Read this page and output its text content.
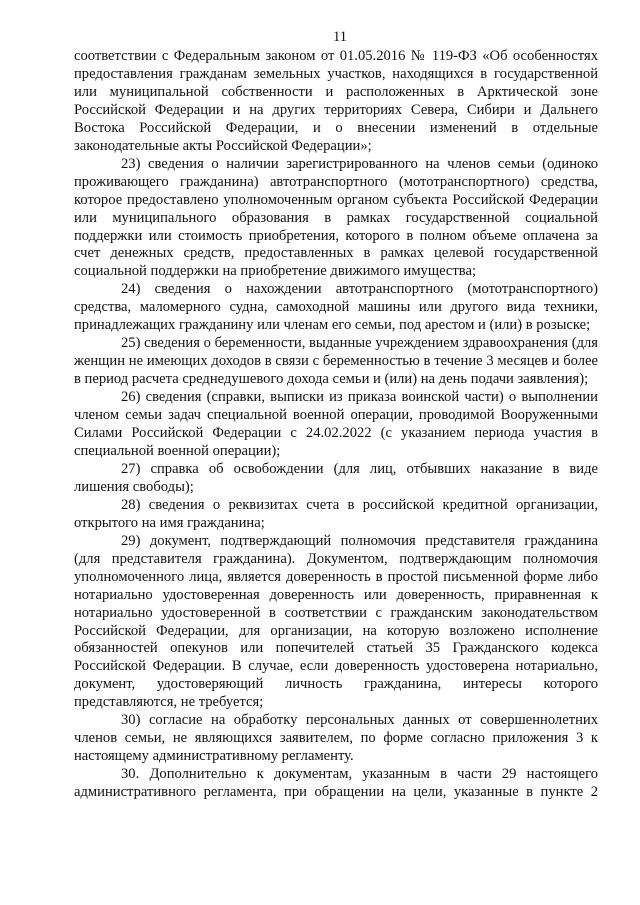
11

соответствии с Федеральным законом от 01.05.2016 № 119-ФЗ «Об особенностях предоставления гражданам земельных участков, находящихся в государственной или муниципальной собственности и расположенных в Арктической зоне Российской Федерации и на других территориях Севера, Сибири и Дальнего Востока Российской Федерации, и о внесении изменений в отдельные законодательные акты Российской Федерации»;

23) сведения о наличии зарегистрированного на членов семьи (одиноко проживающего гражданина) автотранспортного (мототранспортного) средства, которое предоставлено уполномоченным органом субъекта Российской Федерации или муниципального образования в рамках государственной социальной поддержки или стоимость приобретения, которого в полном объеме оплачена за счет денежных средств, предоставленных в рамках целевой государственной социальной поддержки на приобретение движимого имущества;

24) сведения о нахождении автотранспортного (мототранспортного) средства, маломерного судна, самоходной машины или другого вида техники, принадлежащих гражданину или членам его семьи, под арестом и (или) в розыске;

25) сведения о беременности, выданные учреждением здравоохранения (для женщин не имеющих доходов в связи с беременностью в течение 3 месяцев и более в период расчета среднедушевого дохода семьи и (или) на день подачи заявления);

26) сведения (справки, выписки из приказа воинской части) о выполнении членом семьи задач специальной военной операции, проводимой Вооруженными Силами Российской Федерации с 24.02.2022 (с указанием периода участия в специальной военной операции);

27) справка об освобождении (для лиц, отбывших наказание в виде лишения свободы);

28) сведения о реквизитах счета в российской кредитной организации, открытого на имя гражданина;

29) документ, подтверждающий полномочия представителя гражданина (для представителя гражданина). Документом, подтверждающим полномочия уполномоченного лица, является доверенность в простой письменной форме либо нотариально удостоверенная доверенность или доверенность, приравненная к нотариально удостоверенной в соответствии с гражданским законодательством Российской Федерации, для организации, на которую возложено исполнение обязанностей опекунов или попечителей статьей 35 Гражданского кодекса Российской Федерации. В случае, если доверенность удостоверена нотариально, документ, удостоверяющий личность гражданина, интересы которого представляются, не требуется;

30) согласие на обработку персональных данных от совершеннолетних членов семьи, не являющихся заявителем, по форме согласно приложения 3 к настоящему административному регламенту.

30. Дополнительно к документам, указанным в части 29 настоящего административного регламента, при обращении на цели, указанные в пункте 2
